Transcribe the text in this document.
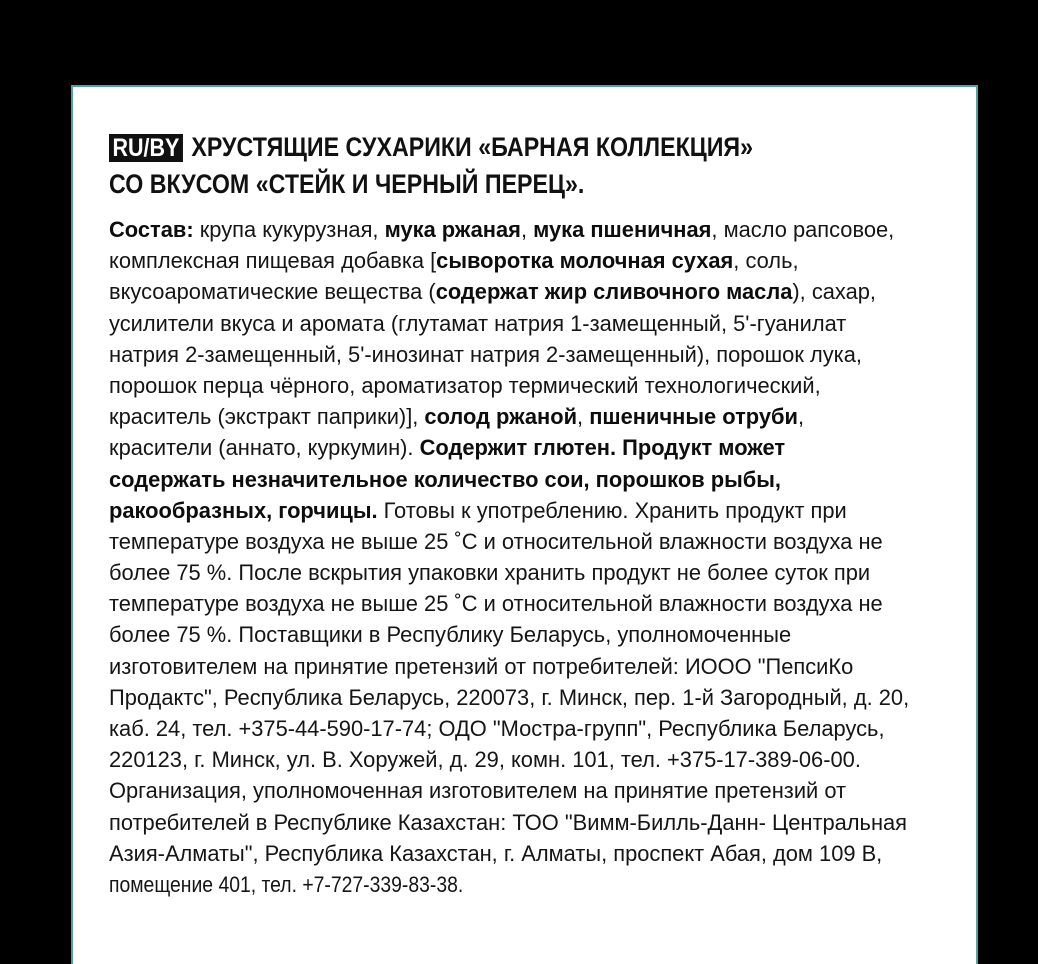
RU/BY ХРУСТЯЩИЕ СУХАРИКИ «БАРНАЯ КОЛЛЕКЦИЯ»
СО ВКУСОМ «СТЕЙК И ЧЕРНЫЙ ПЕРЕЦ».
Состав: крупа кукурузная, мука ржаная, мука пшеничная, масло рапсовое,
комплексная пищевая добавка [сыворотка молочная сухая, соль,
вкусоароматические вещества (содержат жир сливочного масла), сахар,
усилители вкуса и аромата (глутамат натрия 1-замещенный, 5'-гуанилат
натрия 2-замещенный, 5'-инозинат натрия 2-замещенный), порошок лука,
порошок перца чёрного, ароматизатор термический технологический,
краситель (экстракт паприки)], солод ржаной, пшеничные отруби,
красители (аннато, куркумин). Содержит глютен. Продукт может
содержать незначительное количество сои, порошков рыбы,
ракообразных, горчицы. Готовы к употреблению. Хранить продукт при
температуре воздуха не выше 25 ˚С и относительной влажности воздуха не
более 75 %. После вскрытия упаковки хранить продукт не более суток при
температуре воздуха не выше 25 ˚С и относительной влажности воздуха не
более 75 %. Поставщики в Республику Беларусь, уполномоченные
изготовителем на принятие претензий от потребителей: ИООО "ПепсиКо
Продактс", Республика Беларусь, 220073, г. Минск, пер. 1-й Загородный, д. 20,
каб. 24, тел. +375-44-590-17-74; ОДО "Мостра-групп", Республика Беларусь,
220123, г. Минск, ул. В. Хоружей, д. 29, комн. 101, тел. +375-17-389-06-00.
Организация, уполномоченная изготовителем на принятие претензий от
потребителей в Республике Казахстан: ТОО "Вимм-Билль-Данн- Центральная
Азия-Алматы", Республика Казахстан, г. Алматы, проспект Абая, дом 109 В,
помещение 401, тел. +7-727-339-83-38.
